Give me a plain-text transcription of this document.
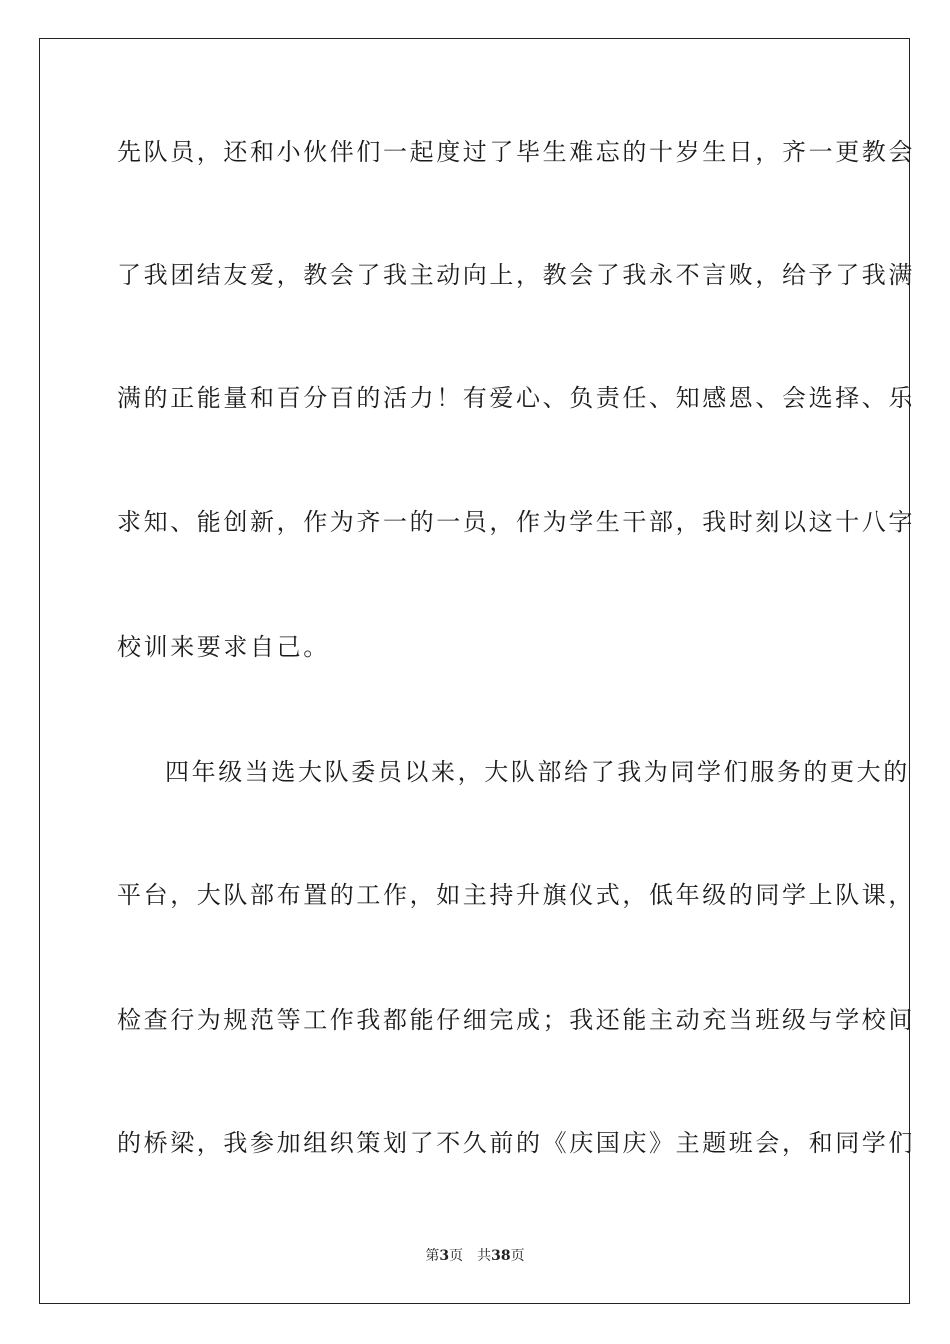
先队员，还和小伙伴们一起度过了毕生难忘的十岁生日，齐一更教会
了我团结友爱，教会了我主动向上，教会了我永不言败，给予了我满
满的正能量和百分百的活力！有爱心、负责任、知感恩、会选择、乐
求知、能创新，作为齐一的一员，作为学生干部，我时刻以这十八字
校训来要求自己。
四年级当选大队委员以来，大队部给了我为同学们服务的更大的
平台，大队部布置的工作，如主持升旗仪式，低年级的同学上队课，
检查行为规范等工作我都能仔细完成；我还能主动充当班级与学校间
的桥梁，我参加组织策划了不久前的《庆国庆》主题班会，和同学们
第3页 共38页
